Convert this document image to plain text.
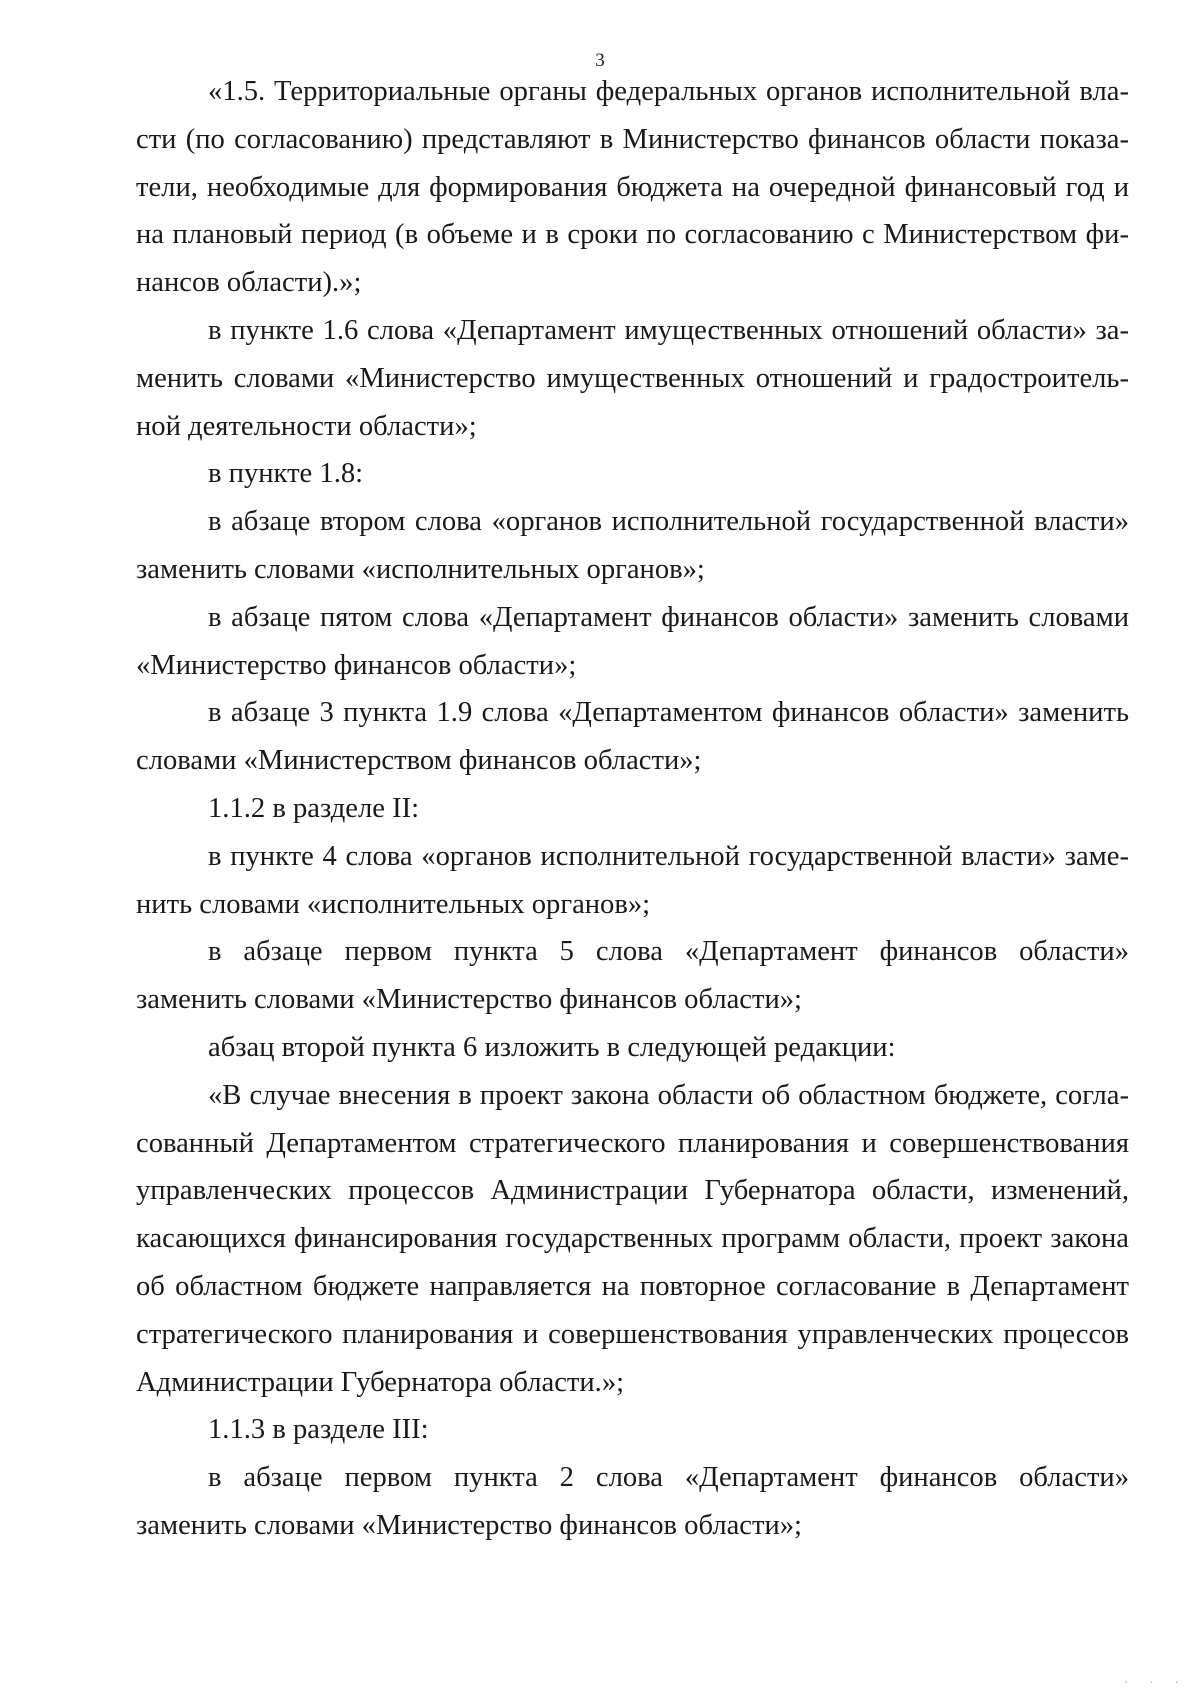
3

«1.5. Территориальные органы федеральных органов исполнительной власти (по согласованию) представляют в Министерство финансов области показатели, необходимые для формирования бюджета на очередной финансовый год и на плановый период (в объеме и в сроки по согласованию с Министерством финансов области).»;

в пункте 1.6 слова «Департамент имущественных отношений области» заменить словами «Министерство имущественных отношений и градостроительной деятельности области»;

в пункте 1.8:

в абзаце втором слова «органов исполнительной государственной власти» заменить словами «исполнительных органов»;

в абзаце пятом слова «Департамент финансов области» заменить словами «Министерство финансов области»;

в абзаце 3 пункта 1.9 слова «Департаментом финансов области» заменить словами «Министерством финансов области»;

1.1.2 в разделе II:

в пункте 4 слова «органов исполнительной государственной власти» заменить словами «исполнительных органов»;

в абзаце первом пункта 5 слова «Департамент финансов области» заменить словами «Министерство финансов области»;

абзац второй пункта 6 изложить в следующей редакции:

«В случае внесения в проект закона области об областном бюджете, согласованный Департаментом стратегического планирования и совершенствования управленческих процессов Администрации Губернатора области, изменений, касающихся финансирования государственных программ области, проект закона об областном бюджете направляется на повторное согласование в Департамент стратегического планирования и совершенствования управленческих процессов Администрации Губернатора области.»;

1.1.3 в разделе III:

в абзаце первом пункта 2 слова «Департамент финансов области» заменить словами «Министерство финансов области»;

· · ·
